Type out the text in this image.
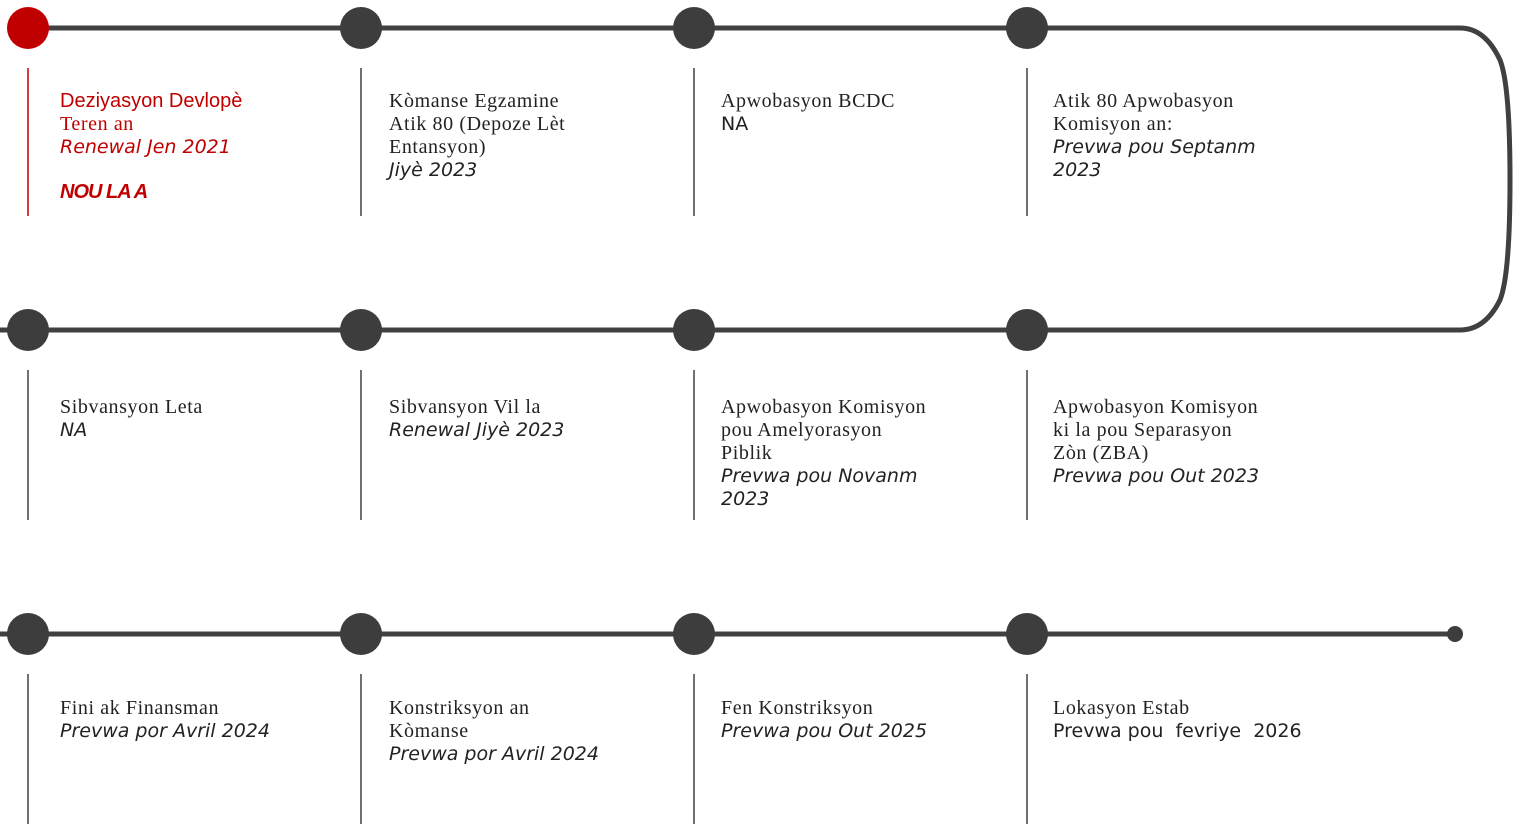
Deziyasyon Devlopè
Teren an
Renewal Jen 2021
NOU LA A
Kòmanse Egzamine
Atik 80 (Depoze Lèt
Entansyon)
Jiyè 2023
Apwobasyon BCDC
NA
Atik 80 Apwobasyon
Komisyon an:
Prevwa pou Septanm
2023
Sibvansyon Leta
NA
Sibvansyon Vil la
Renewal Jiyè 2023
Apwobasyon Komisyon
pou Amelyorasyon
Piblik
Prevwa pou Novanm
2023
Apwobasyon Komisyon
ki la pou Separasyon
Zòn (ZBA)
Prevwa pou Out 2023
Fini ak Finansman
Prevwa por Avril 2024
Konstriksyon an
Kòmanse
Prevwa por Avril 2024
Fen Konstriksyon
Prevwa pou Out 2025
Lokasyon Estab
Prevwa pou  fevriye  2026
